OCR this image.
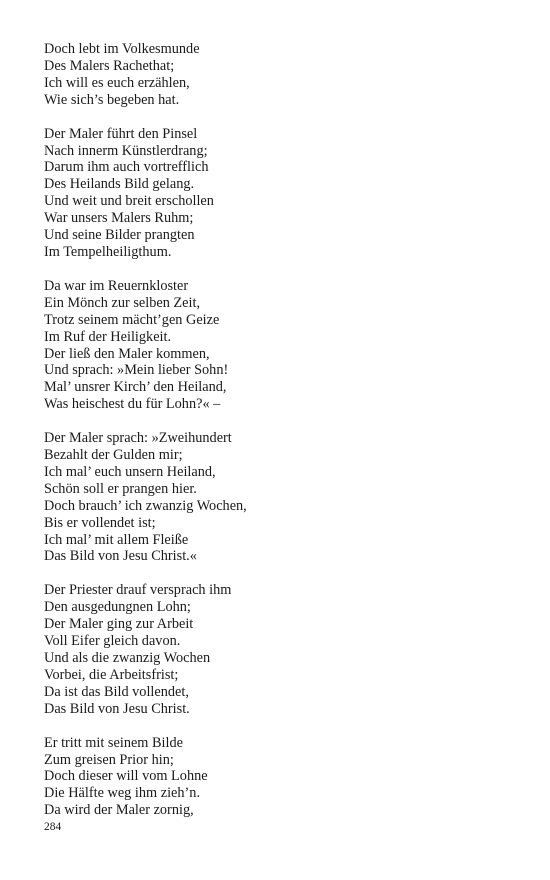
Doch lebt im Volkesmunde
Des Malers Rachethat;
Ich will es euch erzählen,
Wie sich’s begeben hat.
Der Maler führt den Pinsel
Nach innerm Künstlerdrang;
Darum ihm auch vortrefflich
Des Heilands Bild gelang.
Und weit und breit erschollen
War unsers Malers Ruhm;
Und seine Bilder prangten
Im Tempelheiligthum.
Da war im Reuernkloster
Ein Mönch zur selben Zeit,
Trotz seinem mächt’gen Geize
Im Ruf der Heiligkeit.
Der ließ den Maler kommen,
Und sprach: »Mein lieber Sohn!
Mal’ unsrer Kirch’ den Heiland,
Was heischest du für Lohn?« –
Der Maler sprach: »Zweihundert
Bezahlt der Gulden mir;
Ich mal’ euch unsern Heiland,
Schön soll er prangen hier.
Doch brauch’ ich zwanzig Wochen,
Bis er vollendet ist;
Ich mal’ mit allem Fleiße
Das Bild von Jesu Christ.«
Der Priester drauf versprach ihm
Den ausgedungnen Lohn;
Der Maler ging zur Arbeit
Voll Eifer gleich davon.
Und als die zwanzig Wochen
Vorbei, die Arbeitsfrist;
Da ist das Bild vollendet,
Das Bild von Jesu Christ.
Er tritt mit seinem Bilde
Zum greisen Prior hin;
Doch dieser will vom Lohne
Die Hälfte weg ihm zieh’n.
Da wird der Maler zornig,
284
